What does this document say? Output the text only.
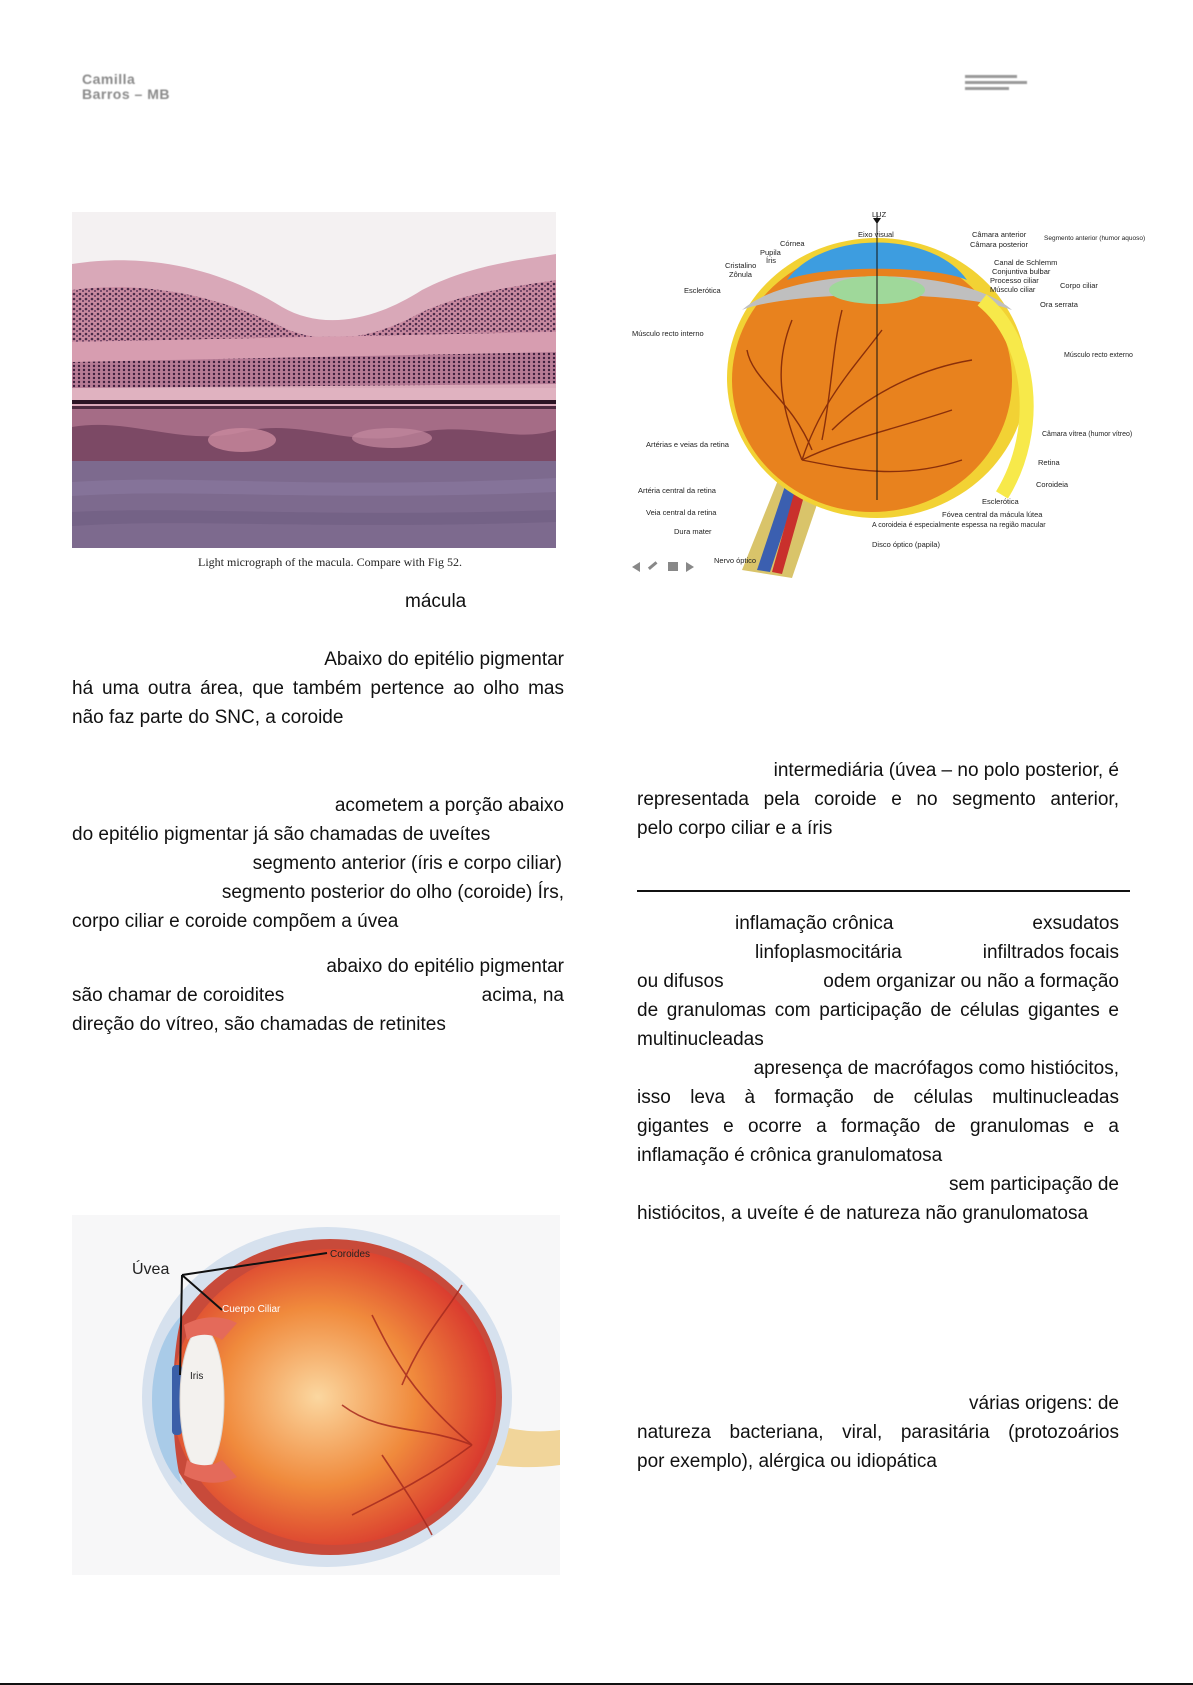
Camilla
Barros – MB
Light micrograph of the macula. Compare with Fig 52.
mácula
LUZ
Eixo visual
Córnea
Pupila
Íris
Cristalino
Zônula
Esclerótica
Músculo recto interno
Artérias e veias da retina
Artéria central da retina
Veia central da retina
Dura mater
Nervo óptico
Câmara anterior
Câmara posterior
Segmento anterior (humor aquoso)
Canal de Schlemm
Conjuntiva bulbar
Processo ciliar
Músculo ciliar	Corpo ciliar
Ora serrata
Músculo recto externo
Câmara vítrea (humor vítreo)
Retina
Coroideia
Esclerótica
Fóvea central da mácula lútea
A coroideia é especialmente espessa na região macular
Disco óptico (papila)
Abaixo do epitélio pigmentar
há uma outra área, que também pertence ao olho mas
não faz parte do SNC, a coroide
acometem a porção abaixo
do epitélio pigmentar já são chamadas de uveítes
segmento anterior (íris e corpo ciliar)
segmento posterior do olho (coroide) Írs,
corpo ciliar e coroide compõem a úvea
abaixo do epitélio pigmentar
são chamar de coroidites	acima, na
direção do vítreo, são chamadas de retinites
Úvea
Coroides
Cuerpo Ciliar
Iris
intermediária (úvea – no polo posterior, é
representada pela coroide e no segmento anterior,
pelo corpo ciliar e a íris
inflamação crônica	exsudatos
linfoplasmocitária	infiltrados focais
ou difusos	odem organizar ou não a formação
de granulomas com participação de células gigantes e
multinucleadas
apresença de macrófagos como histiócitos,
isso leva à formação de células multinucleadas
gigantes e ocorre a formação de granulomas e a
inflamação é crônica granulomatosa
sem participação de
histiócitos, a uveíte é de natureza não granulomatosa
várias origens: de
natureza bacteriana, viral, parasitária (protozoários
por exemplo), alérgica ou idiopática
